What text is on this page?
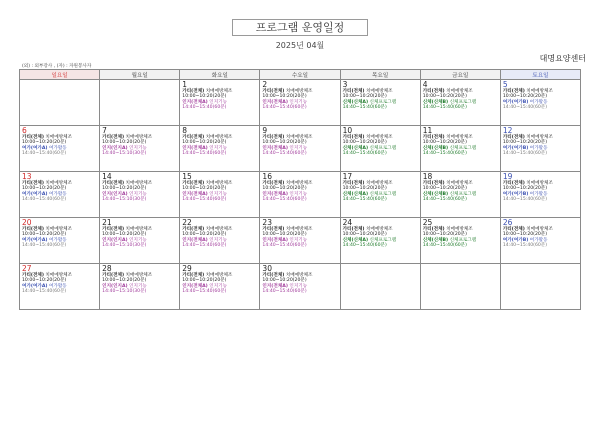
프로그램 운영일정
2025년 04월
대명요양센터
(외) : 외부강사 , (자) : 자원봉사자
일요일	월요일	화요일	수요일	목요일	금요일	토요일

		1
가티(전체) 치매예방체조
10:00~10:20(20분)
인지(전체A) 인지기능
14:40~15:40(60분)	2
가티(전체) 치매예방체조
10:00~10:20(20분)
인지(전체A) 인지기능
14:40~15:40(60분)	3
가티(전체) 치매예방체조
10:00~10:20(20분)
신체(신체A) 신체프로그램
14:40~15:40(60분)	4
가티(전체) 치매예방체조
10:00~10:20(20분)
신체(신체B) 신체프로그램
14:40~15:40(60분)	5
가티(전체) 치매예방체조
10:00~10:20(20분)
여가(여가B) 여가활동
14:40~15:40(60분)

6
가티(전체) 치매예방체조
10:00~10:20(20분)
여가(여가A) 여가활동
14:40~15:40(60분)	7
가티(전체) 치매예방체조
10:00~10:20(20분)
인지(인지A) 인지기능
14:40~15:10(30분)	8
가티(전체) 치매예방체조
10:00~10:20(20분)
인지(전체A) 인지기능
14:40~15:40(60분)	9
가티(전체) 치매예방체조
10:00~10:20(20분)
인지(전체A) 인지기능
14:40~15:40(60분)	10
가티(전체) 치매예방체조
10:00~10:20(20분)
신체(신체A) 신체프로그램
14:40~15:40(60분)	11
가티(전체) 치매예방체조
10:00~10:20(20분)
신체(신체B) 신체프로그램
14:40~15:40(60분)	12
가티(전체) 치매예방체조
10:00~10:20(20분)
여가(여가B) 여가활동
14:40~15:40(60분)

13
가티(전체) 치매예방체조
10:00~10:20(20분)
여가(여가A) 여가활동
14:40~15:40(60분)	14
가티(전체) 치매예방체조
10:00~10:20(20분)
인지(인지A) 인지기능
14:40~15:10(30분)	15
가티(전체) 치매예방체조
10:00~10:20(20분)
인지(전체A) 인지기능
14:40~15:40(60분)	16
가티(전체) 치매예방체조
10:00~10:20(20분)
인지(전체A) 인지기능
14:40~15:40(60분)	17
가티(전체) 치매예방체조
10:00~10:20(20분)
신체(신체A) 신체프로그램
14:40~15:40(60분)	18
가티(전체) 치매예방체조
10:00~10:20(20분)
신체(신체B) 신체프로그램
14:40~15:40(60분)	19
가티(전체) 치매예방체조
10:00~10:20(20분)
여가(여가B) 여가활동
14:40~15:40(60분)

20
가티(전체) 치매예방체조
10:00~10:20(20분)
여가(여가A) 여가활동
14:40~15:40(60분)	21
가티(전체) 치매예방체조
10:00~10:20(20분)
인지(인지A) 인지기능
14:40~15:10(30분)	22
가티(전체) 치매예방체조
10:00~10:20(20분)
인지(전체A) 인지기능
14:40~15:40(60분)	23
가티(전체) 치매예방체조
10:00~10:20(20분)
인지(전체A) 인지기능
14:40~15:40(60분)	24
가티(전체) 치매예방체조
10:00~10:20(20분)
신체(신체A) 신체프로그램
14:40~15:40(60분)	25
가티(전체) 치매예방체조
10:00~10:20(20분)
신체(신체B) 신체프로그램
14:40~15:40(60분)	26
가티(전체) 치매예방체조
10:00~10:20(20분)
여가(여가B) 여가활동
14:40~15:40(60분)

27
가티(전체) 치매예방체조
10:00~10:20(20분)
여가(여가A) 여가활동
14:40~15:40(60분)	28
가티(전체) 치매예방체조
10:00~10:20(20분)
인지(인지A) 인지기능
14:40~15:10(30분)	29
가티(전체) 치매예방체조
10:00~10:20(20분)
인지(전체A) 인지기능
14:40~15:40(60분)	30
가티(전체) 치매예방체조
10:00~10:20(20분)
인지(전체A) 인지기능
14:40~15:40(60분)			
